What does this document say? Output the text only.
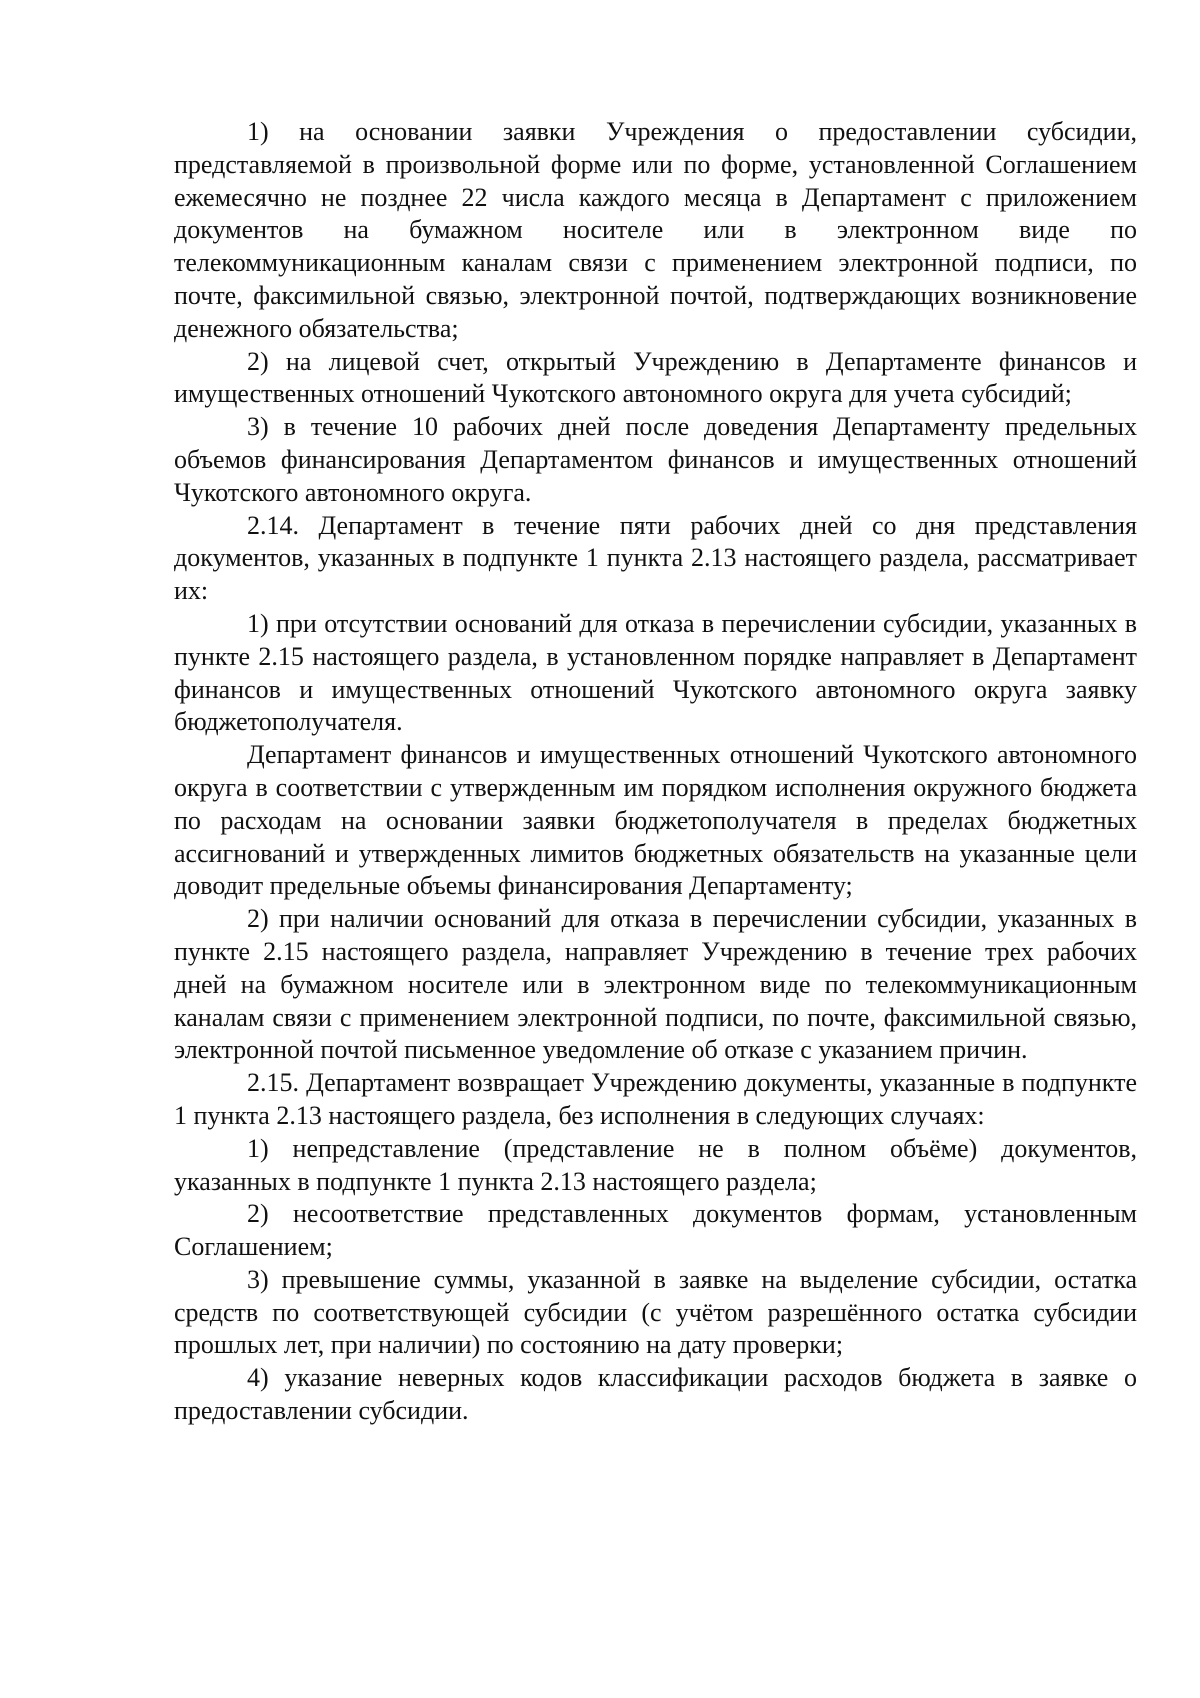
1) на основании заявки Учреждения о предоставлении субсидии, представляемой в произвольной форме или по форме, установленной Соглашением ежемесячно не позднее 22 числа каждого месяца в Департамент с приложением документов на бумажном носителе или в электронном виде по телекоммуникационным каналам связи с применением электронной подписи, по почте, факсимильной связью, электронной почтой, подтверждающих возникновение денежного обязательства;

2) на лицевой счет, открытый Учреждению в Департаменте финансов и имущественных отношений Чукотского автономного округа для учета субсидий;

3) в течение 10 рабочих дней после доведения Департаменту предельных объемов финансирования Департаментом финансов и имущественных отношений Чукотского автономного округа.

2.14. Департамент в течение пяти рабочих дней со дня представления документов, указанных в подпункте 1 пункта 2.13 настоящего раздела, рассматривает их:

1) при отсутствии оснований для отказа в перечислении субсидии, указанных в пункте 2.15 настоящего раздела, в установленном порядке направляет в Департамент финансов и имущественных отношений Чукотского автономного округа заявку бюджетополучателя.

Департамент финансов и имущественных отношений Чукотского автономного округа в соответствии с утвержденным им порядком исполнения окружного бюджета по расходам на основании заявки бюджетополучателя в пределах бюджетных ассигнований и утвержденных лимитов бюджетных обязательств на указанные цели доводит предельные объемы финансирования Департаменту;

2) при наличии оснований для отказа в перечислении субсидии, указанных в пункте 2.15 настоящего раздела, направляет Учреждению в течение трех рабочих дней на бумажном носителе или в электронном виде по телекоммуникационным каналам связи с применением электронной подписи, по почте, факсимильной связью, электронной почтой письменное уведомление об отказе с указанием причин.

2.15. Департамент возвращает Учреждению документы, указанные в подпункте 1 пункта 2.13 настоящего раздела, без исполнения в следующих случаях:

1) непредставление (представление не в полном объёме) документов, указанных в подпункте 1 пункта 2.13 настоящего раздела;

2) несоответствие представленных документов формам, установленным Соглашением;

3) превышение суммы, указанной в заявке на выделение субсидии, остатка средств по соответствующей субсидии (с учётом разрешённого остатка субсидии прошлых лет, при наличии) по состоянию на дату проверки;

4) указание неверных кодов классификации расходов бюджета в заявке о предоставлении субсидии.
